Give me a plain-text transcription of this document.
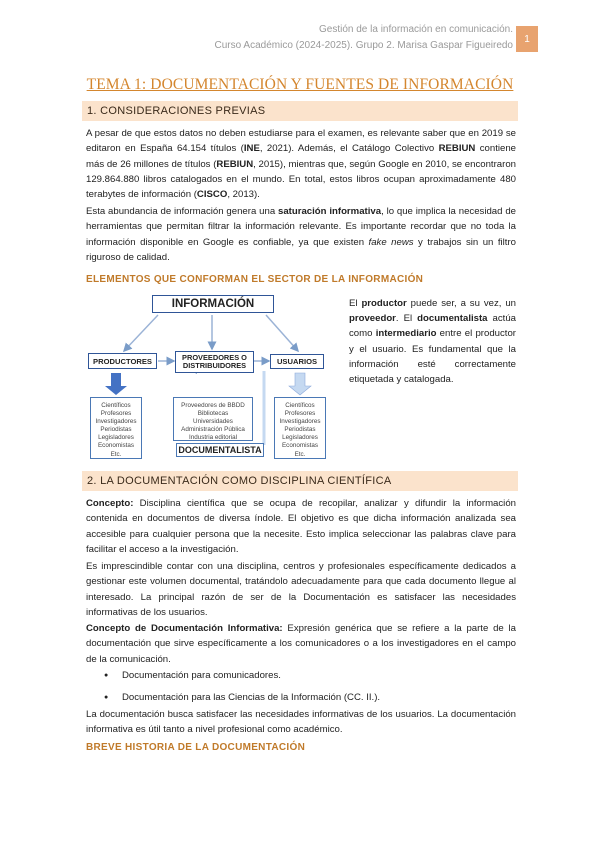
Gestión de la información en comunicación.
Curso Académico (2024-2025). Grupo 2. Marisa Gaspar Figueiredo
1
TEMA 1: DOCUMENTACIÓN Y FUENTES DE INFORMACIÓN
1. CONSIDERACIONES PREVIAS

A pesar de que estos datos no deben estudiarse para el examen, es relevante saber que en 2019 se editaron en España 64.154 títulos (INE, 2021). Además, el Catálogo Colectivo REBIUN contiene más de 26 millones de títulos (REBIUN, 2015), mientras que, según Google en 2010, se encontraron 129.864.880 libros catalogados en el mundo. En total, estos libros ocupan aproximadamente 480 terabytes de información (CISCO, 2013).

Esta abundancia de información genera una saturación informativa, lo que implica la necesidad de herramientas que permitan filtrar la información relevante. Es importante recordar que no toda la información disponible en Google es confiable, ya que existen fake news y trabajos sin un filtro riguroso de calidad.

ELEMENTOS QUE CONFORMAN EL SECTOR DE LA INFORMACIÓN
INFORMACIÓN
PRODUCTORES	PROVEEDORES O DISTRIBUIDORES	USUARIOS
Científicos
Profesores
Investigadores
Periodistas
Legisladores
Economistas
Etc.
Proveedores de BBDD
Bibliotecas
Universidades
Administración Pública
Industria editorial
Científicos
Profesores
Investigadores
Periodistas
Legisladores
Economistas
Etc.
DOCUMENTALISTA

El productor puede ser, a su vez, un proveedor. El documentalista actúa como intermediario entre el productor y el usuario. Es fundamental que la información esté correctamente etiquetada y catalogada.

2. LA DOCUMENTACIÓN COMO DISCIPLINA CIENTÍFICA

Concepto: Disciplina científica que se ocupa de recopilar, analizar y difundir la información contenida en documentos de diversa índole. El objetivo es que dicha información analizada sea accesible para cualquier persona que la necesite. Esto implica seleccionar las palabras clave para facilitar el acceso a la investigación.

Es imprescindible contar con una disciplina, centros y profesionales específicamente dedicados a gestionar este volumen documental, tratándolo adecuadamente para que cada documento llegue al interesado. La principal razón de ser de la Documentación es satisfacer las necesidades informativas de los usuarios.

Concepto de Documentación Informativa: Expresión genérica que se refiere a la parte de la documentación que sirve específicamente a los comunicadores o a los investigadores en el campo de la comunicación.

● Documentación para comunicadores.
● Documentación para las Ciencias de la Información (CC. II.).

La documentación busca satisfacer las necesidades informativas de los usuarios. La documentación informativa es útil tanto a nivel profesional como académico.

BREVE HISTORIA DE LA DOCUMENTACIÓN
